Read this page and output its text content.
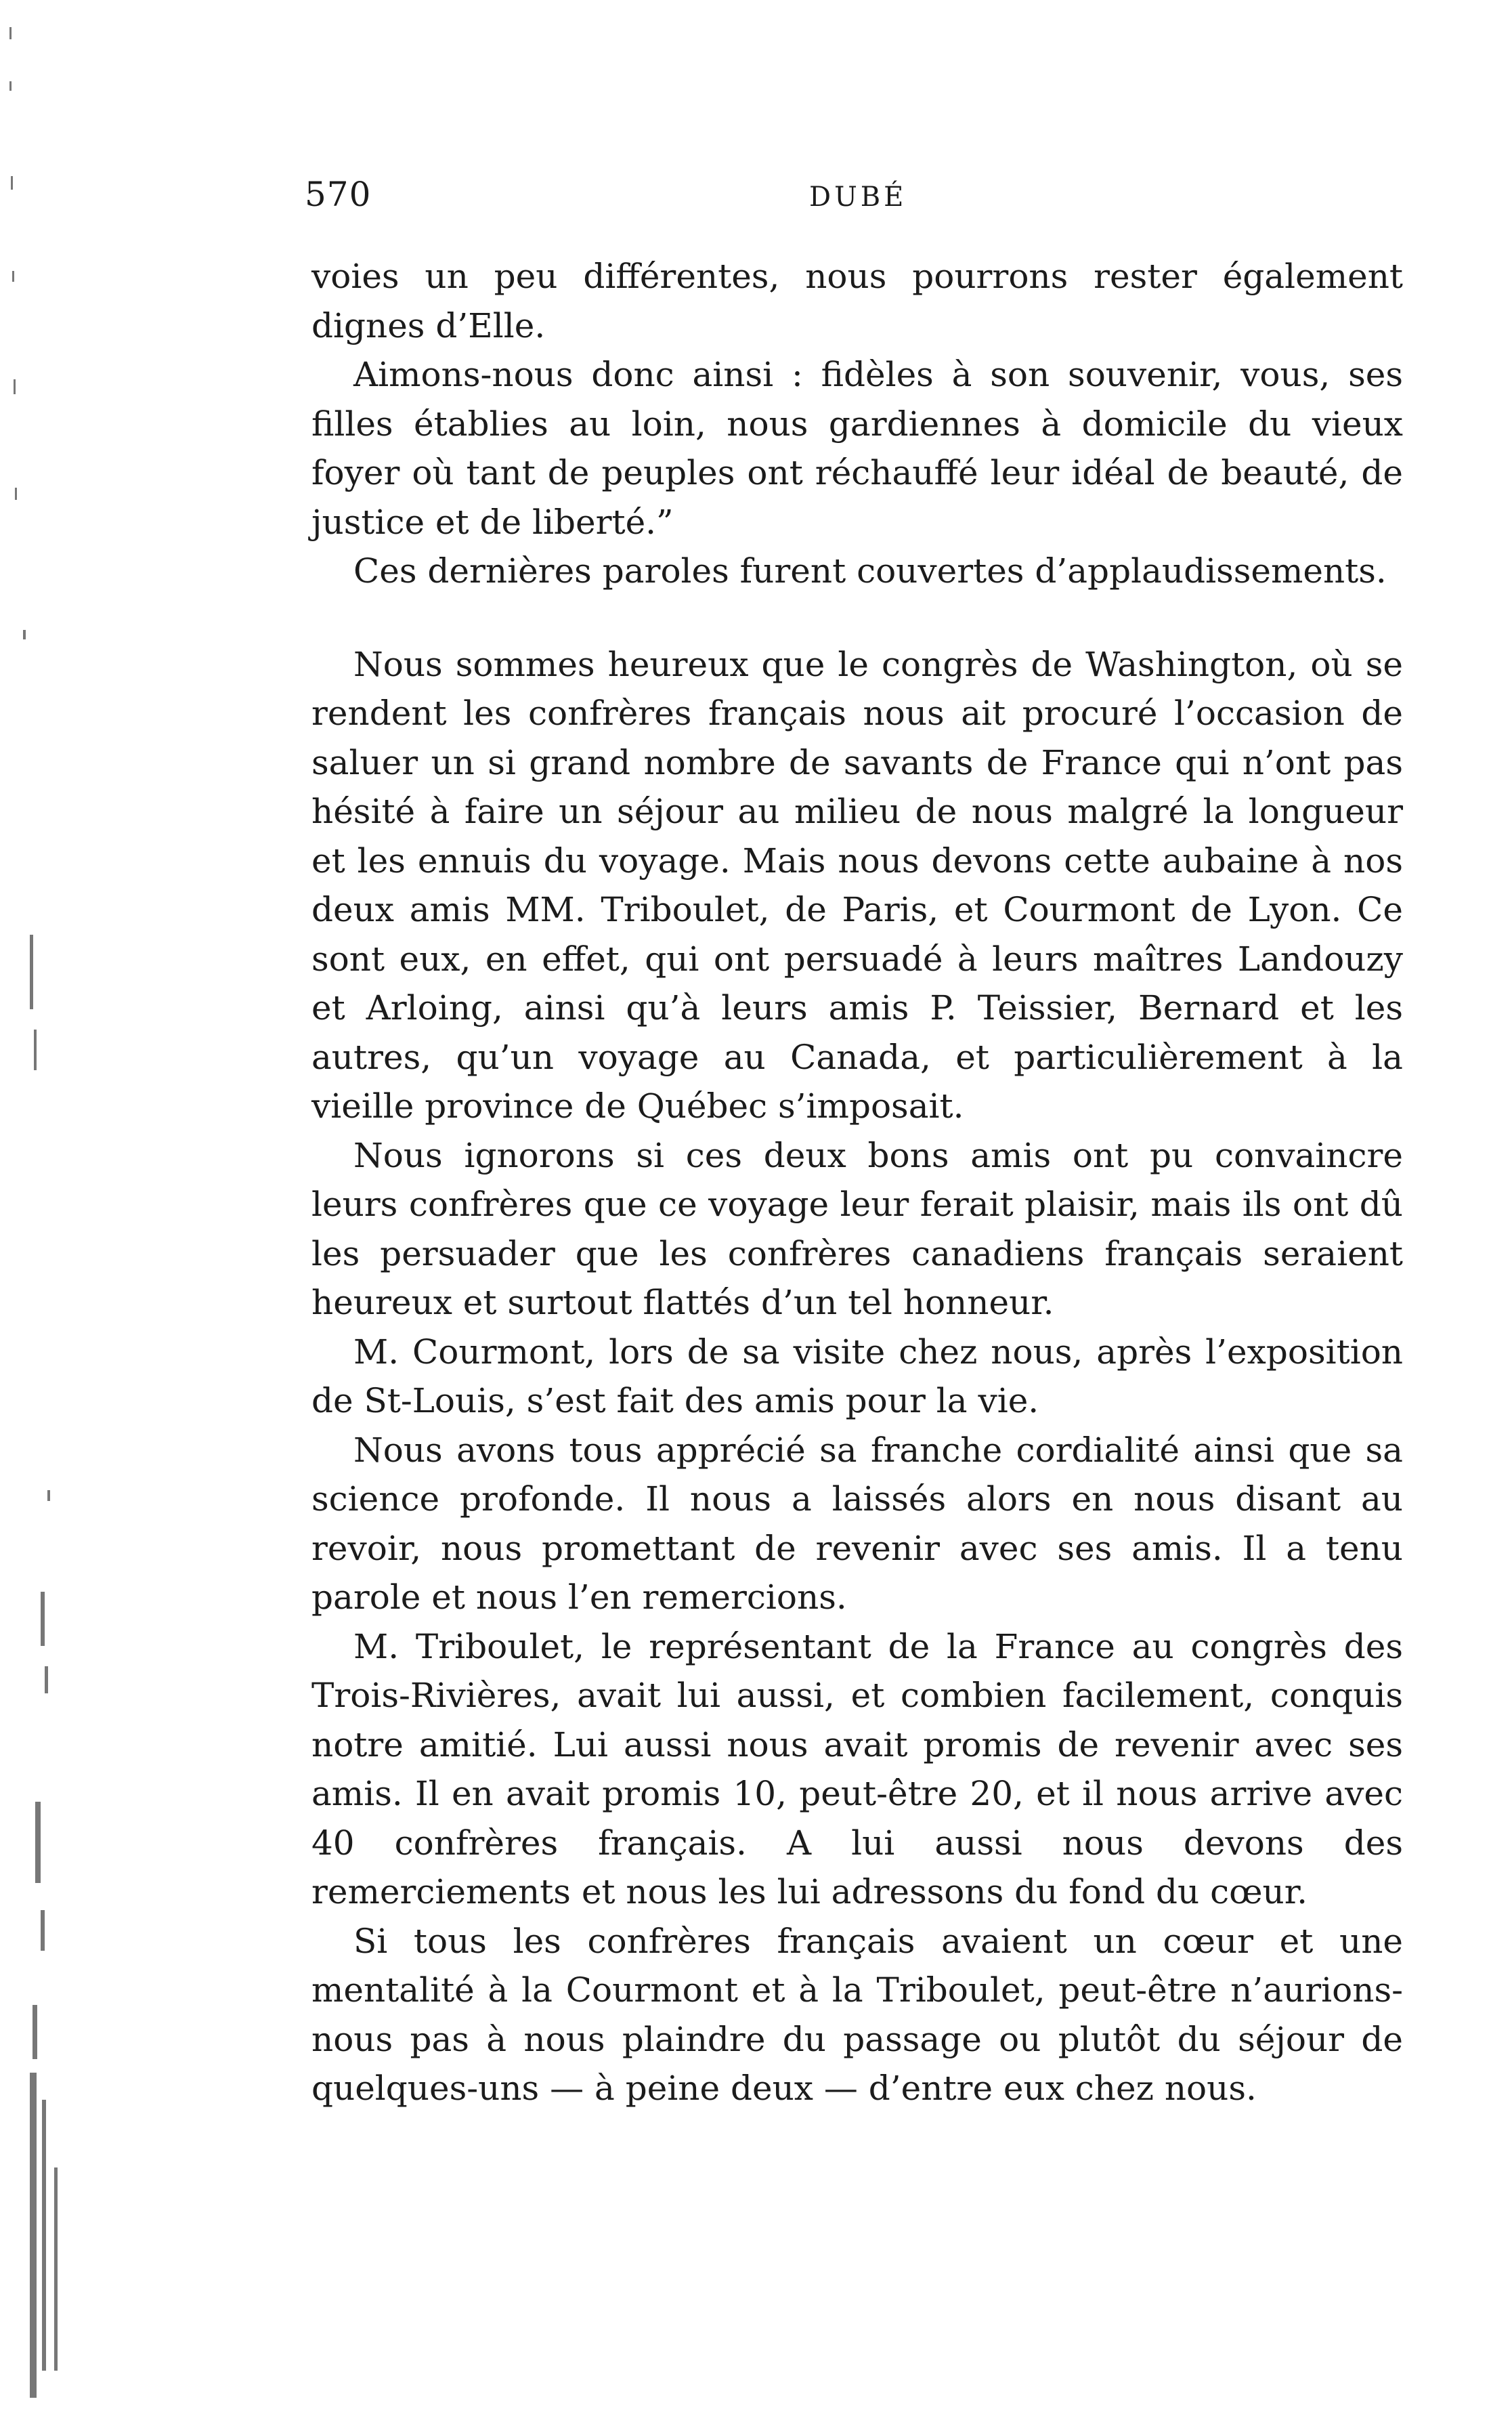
570	DUBÉ

voies un peu différentes, nous pourrons rester également dignes d’Elle.

Aimons-nous donc ainsi : fidèles à son souvenir, vous, ses filles établies au loin, nous gardiennes à domicile du vieux foyer où tant de peuples ont réchauffé leur idéal de beauté, de justice et de liberté.”

Ces dernières paroles furent couvertes d’applaudissements.

Nous sommes heureux que le congrès de Washington, où se rendent les confrères français nous ait procuré l’occasion de saluer un si grand nombre de savants de France qui n’ont pas hésité à faire un séjour au milieu de nous malgré la longueur et les ennuis du voyage. Mais nous devons cette aubaine à nos deux amis MM. Triboulet, de Paris, et Courmont de Lyon. Ce sont eux, en effet, qui ont persuadé à leurs maîtres Landouzy et Arloing, ainsi qu’à leurs amis P. Teissier, Bernard et les autres, qu’un voyage au Canada, et particulièrement à la vieille province de Québec s’imposait.

Nous ignorons si ces deux bons amis ont pu convaincre leurs confrères que ce voyage leur ferait plaisir, mais ils ont dû les persuader que les confrères canadiens français seraient heureux et surtout flattés d’un tel honneur.

M. Courmont, lors de sa visite chez nous, après l’exposition de St-Louis, s’est fait des amis pour la vie.

Nous avons tous apprécié sa franche cordialité ainsi que sa science profonde. Il nous a laissés alors en nous disant au revoir, nous promettant de revenir avec ses amis. Il a tenu parole et nous l’en remercions.

M. Triboulet, le représentant de la France au congrès des Trois-Rivières, avait lui aussi, et combien facilement, conquis notre amitié. Lui aussi nous avait promis de revenir avec ses amis. Il en avait promis 10, peut-être 20, et il nous arrive avec 40 confrères français. A lui aussi nous devons des remerciements et nous les lui adressons du fond du cœur.

Si tous les confrères français avaient un cœur et une mentalité à la Courmont et à la Triboulet, peut-être n’aurions-nous pas à nous plaindre du passage ou plutôt du séjour de quelques-uns — à peine deux — d’entre eux chez nous.
